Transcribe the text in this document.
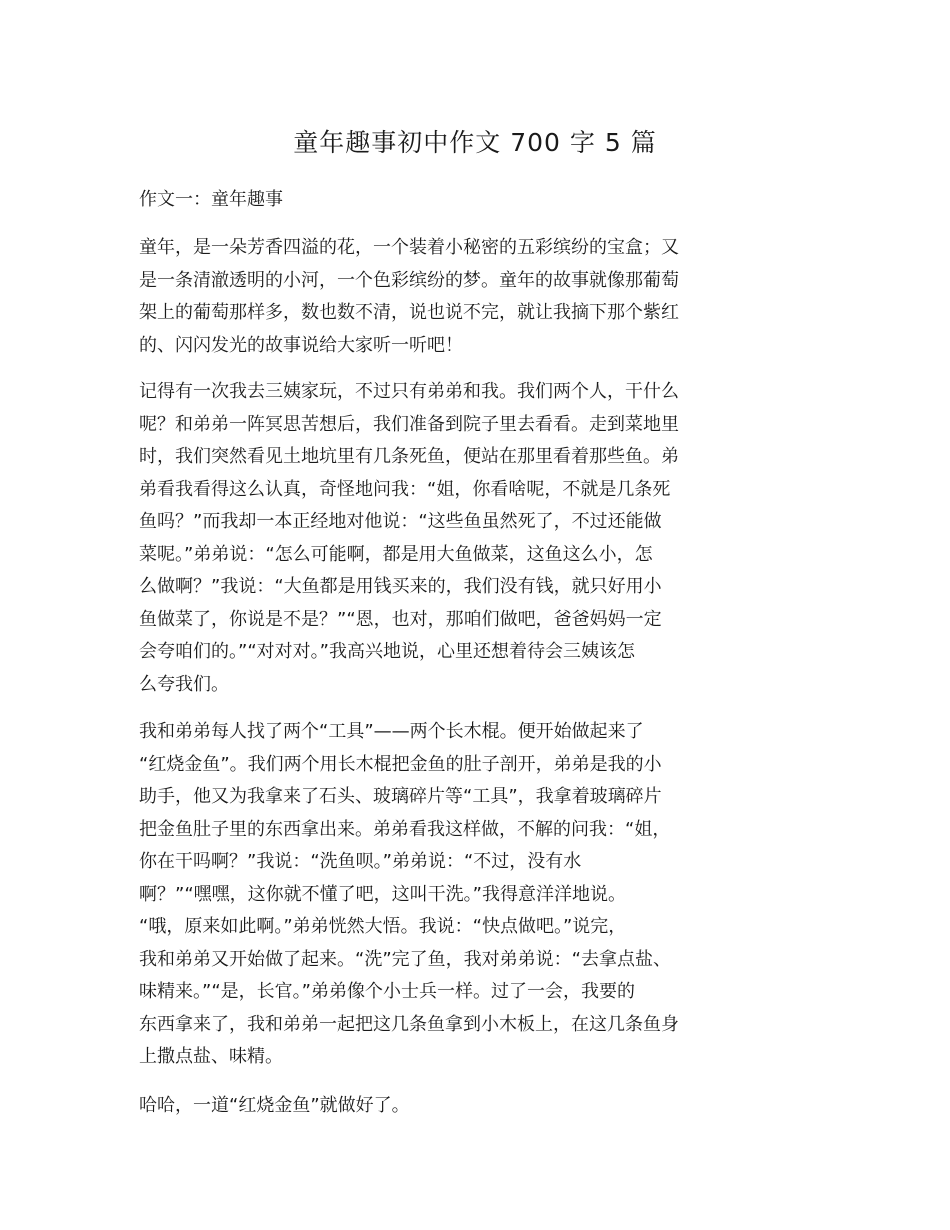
童年趣事初中作文 700 字 5 篇
作文一：童年趣事

童年，是一朵芳香四溢的花，一个装着小秘密的五彩缤纷的宝盒；又
是一条清澈透明的小河，一个色彩缤纷的梦。童年的故事就像那葡萄
架上的葡萄那样多，数也数不清，说也说不完，就让我摘下那个紫红
的、闪闪发光的故事说给大家听一听吧！

记得有一次我去三姨家玩，不过只有弟弟和我。我们两个人，干什么
呢？和弟弟一阵冥思苦想后，我们准备到院子里去看看。走到菜地里
时，我们突然看见土地坑里有几条死鱼，便站在那里看着那些鱼。弟
弟看我看得这么认真，奇怪地问我：“姐，你看啥呢，不就是几条死
鱼吗？”而我却一本正经地对他说：“这些鱼虽然死了，不过还能做
菜呢。”弟弟说：“怎么可能啊，都是用大鱼做菜，这鱼这么小，怎
么做啊？”我说：“大鱼都是用钱买来的，我们没有钱，就只好用小
鱼做菜了，你说是不是？”“恩，也对，那咱们做吧，爸爸妈妈一定
会夸咱们的。”“对对对。”我高兴地说，心里还想着待会三姨该怎
么夸我们。

我和弟弟每人找了两个“工具”——两个长木棍。便开始做起来了
“红烧金鱼”。我们两个用长木棍把金鱼的肚子剖开，弟弟是我的小
助手，他又为我拿来了石头、玻璃碎片等“工具”，我拿着玻璃碎片
把金鱼肚子里的东西拿出来。弟弟看我这样做，不解的问我：“姐，
你在干吗啊？”我说：“洗鱼呗。”弟弟说：“不过，没有水
啊？”“嘿嘿，这你就不懂了吧，这叫干洗。”我得意洋洋地说。
“哦，原来如此啊。”弟弟恍然大悟。我说：“快点做吧。”说完，
我和弟弟又开始做了起来。“洗”完了鱼，我对弟弟说：“去拿点盐、
味精来。”“是，长官。”弟弟像个小士兵一样。过了一会，我要的
东西拿来了，我和弟弟一起把这几条鱼拿到小木板上，在这几条鱼身
上撒点盐、味精。

哈哈，一道“红烧金鱼”就做好了。
